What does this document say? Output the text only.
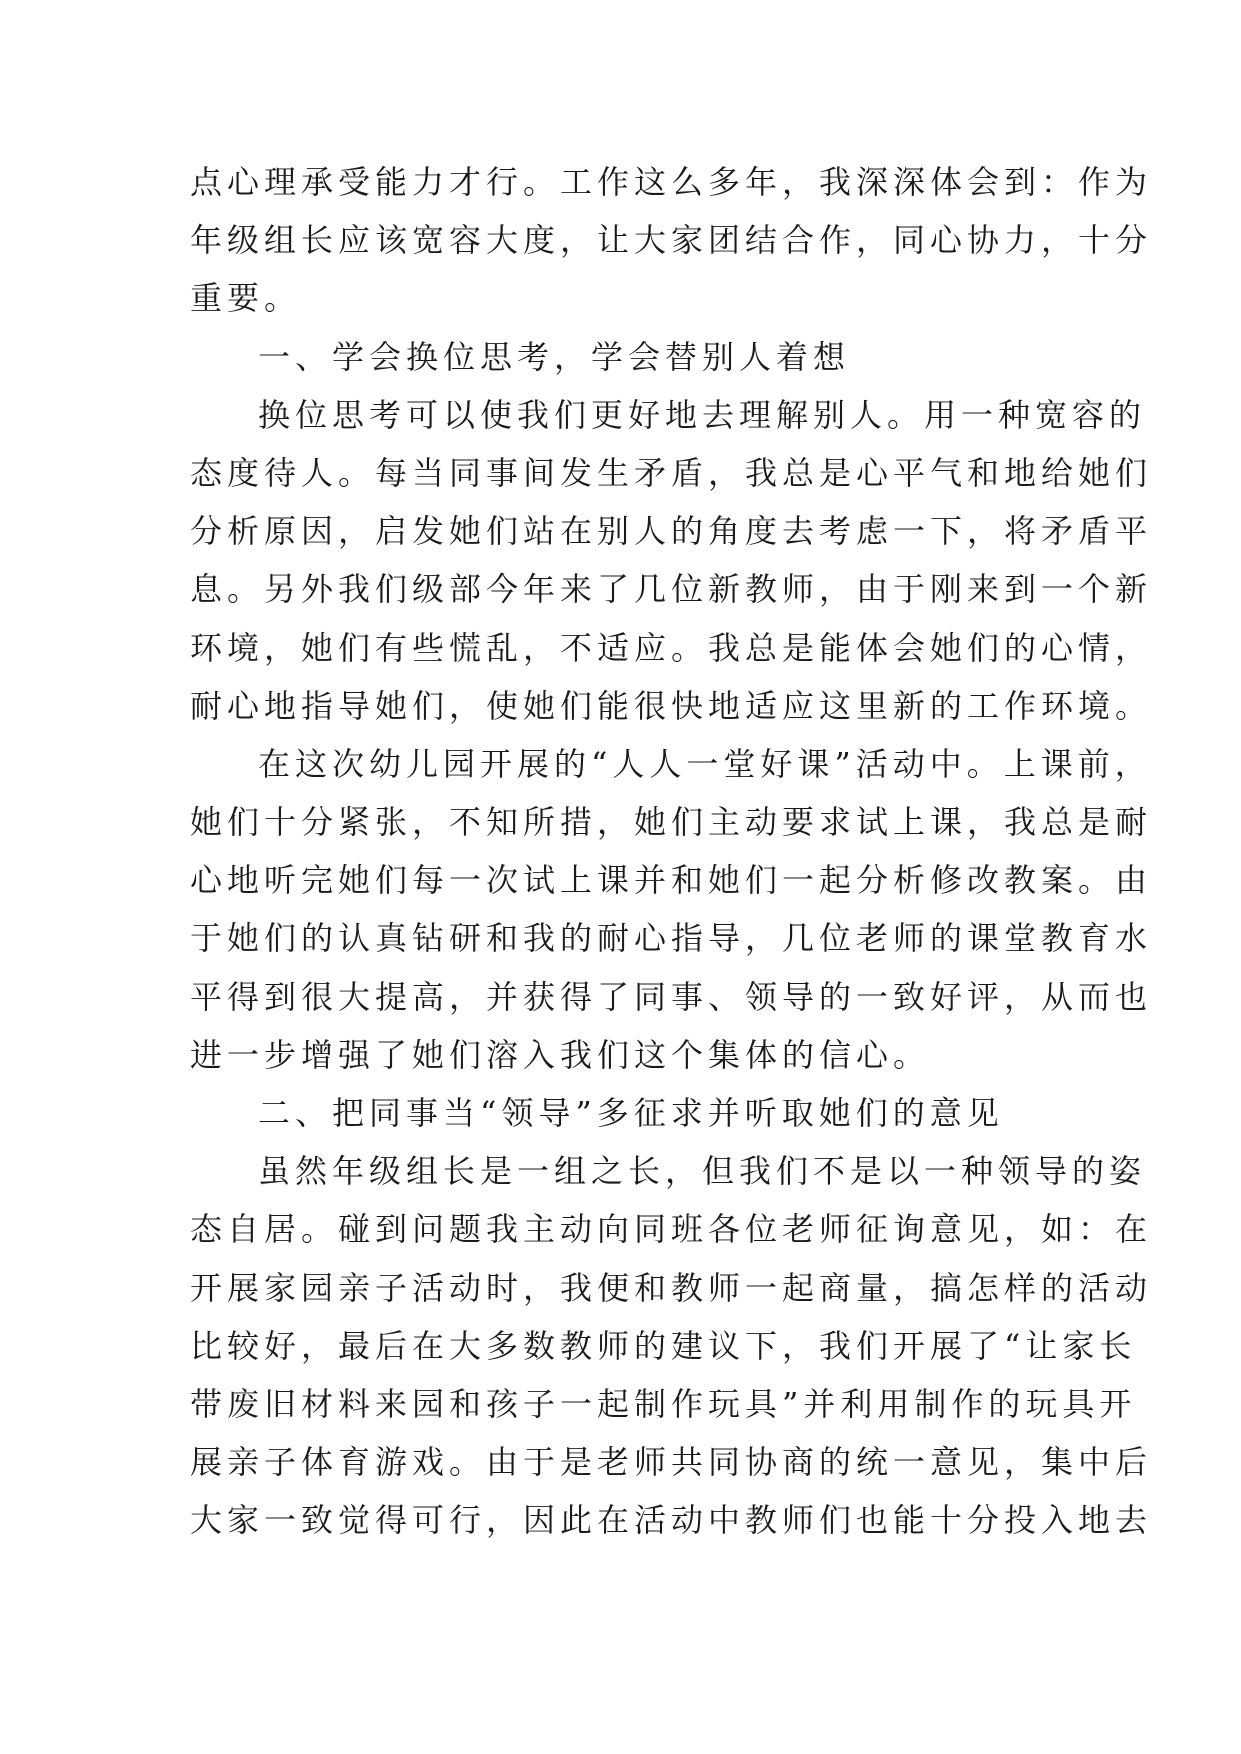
点心理承受能力才行。工作这么多年，我深深体会到：作为
年级组长应该宽容大度，让大家团结合作，同心协力，十分
重要。
一、学会换位思考，学会替别人着想
换位思考可以使我们更好地去理解别人。用一种宽容的
态度待人。每当同事间发生矛盾，我总是心平气和地给她们
分析原因，启发她们站在别人的角度去考虑一下，将矛盾平
息。另外我们级部今年来了几位新教师，由于刚来到一个新
环境，她们有些慌乱，不适应。我总是能体会她们的心情，
耐心地指导她们，使她们能很快地适应这里新的工作环境。
在这次幼儿园开展的“人人一堂好课”活动中。上课前，
她们十分紧张，不知所措，她们主动要求试上课，我总是耐
心地听完她们每一次试上课并和她们一起分析修改教案。由
于她们的认真钻研和我的耐心指导，几位老师的课堂教育水
平得到很大提高，并获得了同事、领导的一致好评，从而也
进一步增强了她们溶入我们这个集体的信心。
二、把同事当“领导”多征求并听取她们的意见
虽然年级组长是一组之长，但我们不是以一种领导的姿
态自居。碰到问题我主动向同班各位老师征询意见，如：在
开展家园亲子活动时，我便和教师一起商量，搞怎样的活动
比较好，最后在大多数教师的建议下，我们开展了“让家长
带废旧材料来园和孩子一起制作玩具”并利用制作的玩具开
展亲子体育游戏。由于是老师共同协商的统一意见，集中后
大家一致觉得可行，因此在活动中教师们也能十分投入地去
